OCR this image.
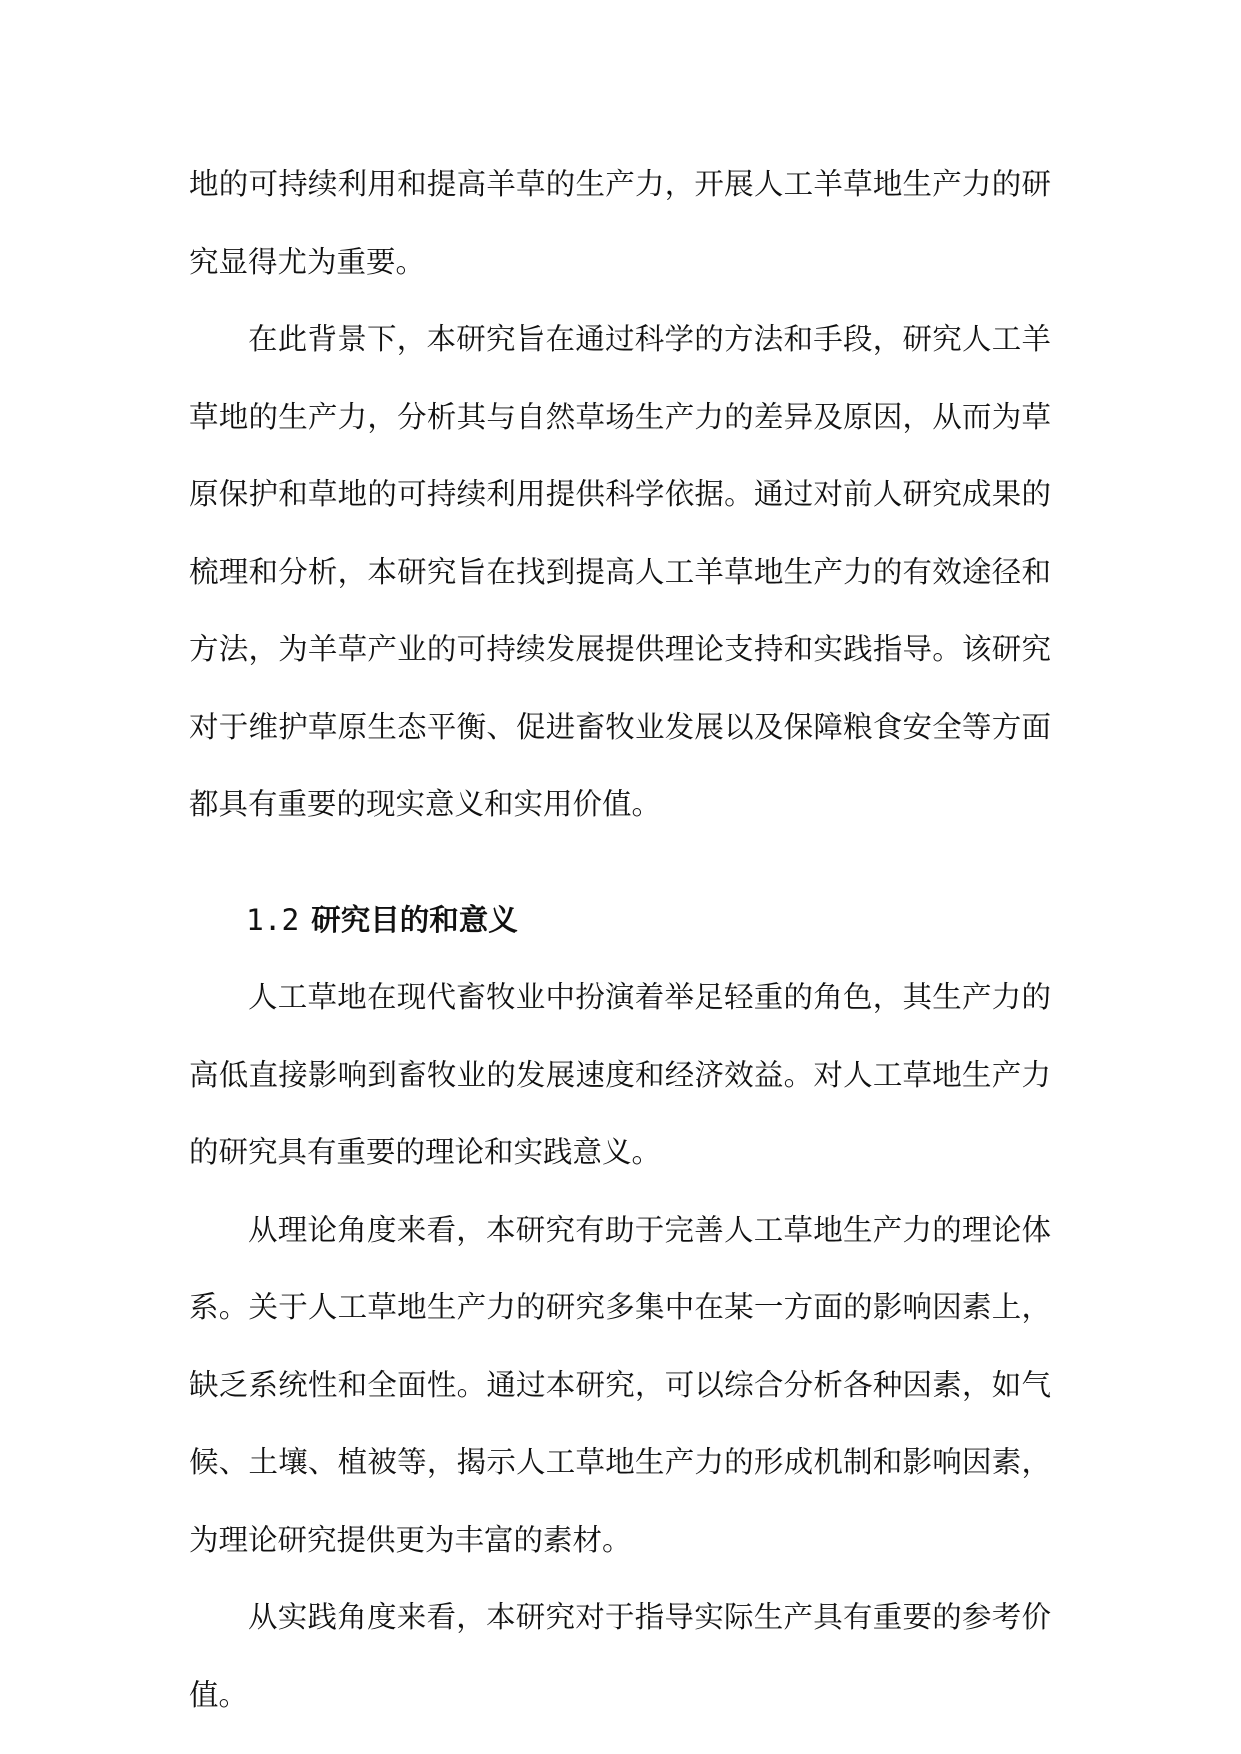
地的可持续利用和提高羊草的生产力，开展人工羊草地生产力的研究显得尤为重要。

在此背景下，本研究旨在通过科学的方法和手段，研究人工羊草地的生产力，分析其与自然草场生产力的差异及原因，从而为草原保护和草地的可持续利用提供科学依据。通过对前人研究成果的梳理和分析，本研究旨在找到提高人工羊草地生产力的有效途径和方法，为羊草产业的可持续发展提供理论支持和实践指导。该研究对于维护草原生态平衡、促进畜牧业发展以及保障粮食安全等方面都具有重要的现实意义和实用价值。

1.2 研究目的和意义

人工草地在现代畜牧业中扮演着举足轻重的角色，其生产力的高低直接影响到畜牧业的发展速度和经济效益。对人工草地生产力的研究具有重要的理论和实践意义。

从理论角度来看，本研究有助于完善人工草地生产力的理论体系。关于人工草地生产力的研究多集中在某一方面的影响因素上，缺乏系统性和全面性。通过本研究，可以综合分析各种因素，如气候、土壤、植被等，揭示人工草地生产力的形成机制和影响因素，为理论研究提供更为丰富的素材。

从实践角度来看，本研究对于指导实际生产具有重要的参考价值。
